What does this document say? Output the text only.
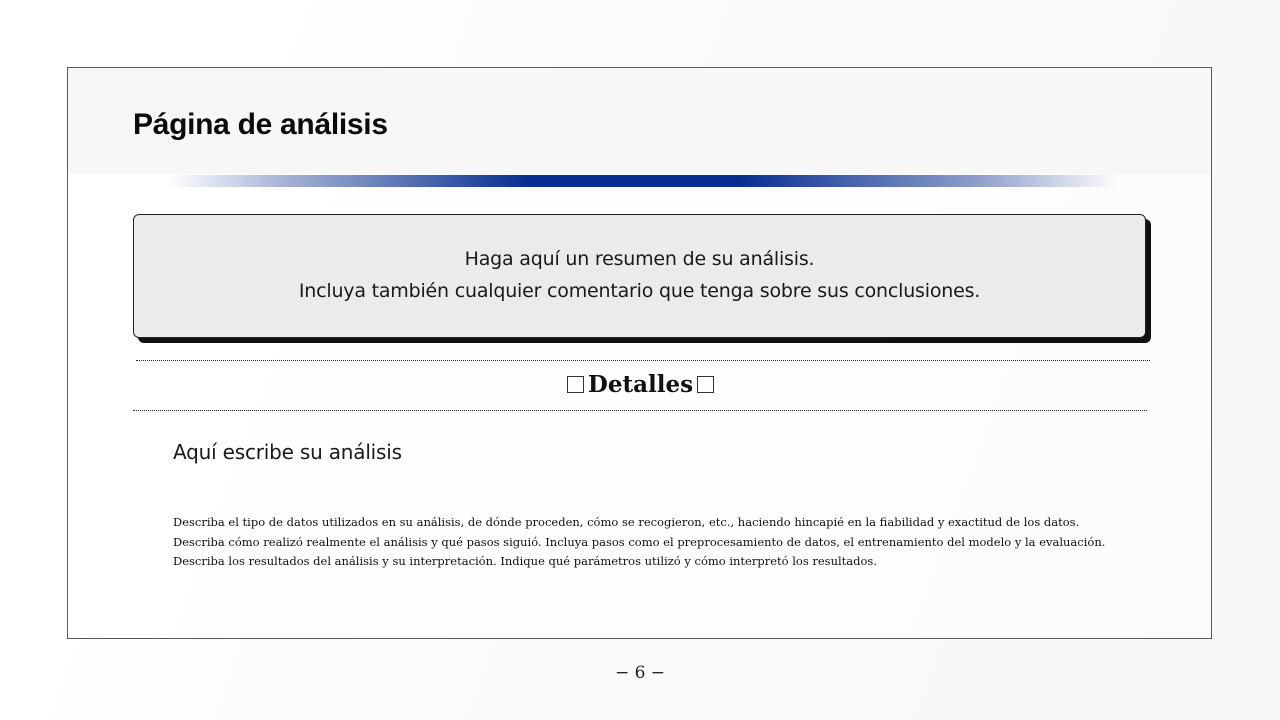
Página de análisis
Haga aquí un resumen de su análisis.
Incluya también cualquier comentario que tenga sobre sus conclusiones.
Detalles
Aquí escribe su análisis
Describa el tipo de datos utilizados en su análisis, de dónde proceden, cómo se recogieron, etc., haciendo hincapié en la fiabilidad y exactitud de los datos.
Describa cómo realizó realmente el análisis y qué pasos siguió. Incluya pasos como el preprocesamiento de datos, el entrenamiento del modelo y la evaluación.
Describa los resultados del análisis y su interpretación. Indique qué parámetros utilizó y cómo interpretó los resultados.
− 6 −
